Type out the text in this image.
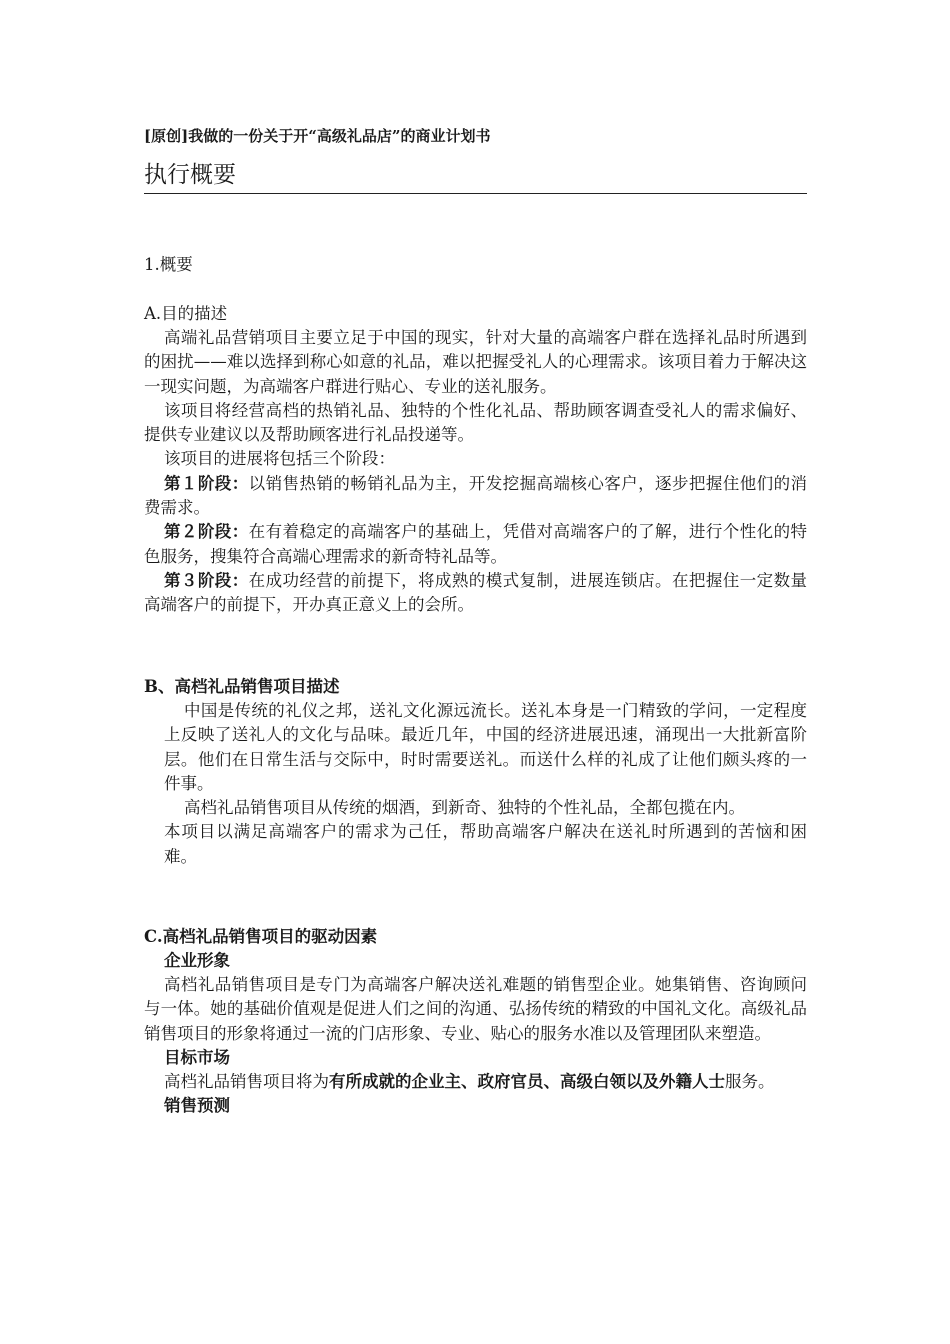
[原创]我做的一份关于开“高级礼品店”的商业计划书
执行概要
1.概要
A.目的描述

高端礼品营销项目主要立足于中国的现实，针对大量的高端客户群在选择礼品时所遇到的困扰——难以选择到称心如意的礼品，难以把握受礼人的心理需求。该项目着力于解决这一现实问题，为高端客户群进行贴心、专业的送礼服务。

该项目将经营高档的热销礼品、独特的个性化礼品、帮助顾客调查受礼人的需求偏好、提供专业建议以及帮助顾客进行礼品投递等。

该项目的进展将包括三个阶段：

第１阶段：以销售热销的畅销礼品为主，开发挖掘高端核心客户，逐步把握住他们的消费需求。

第２阶段：在有着稳定的高端客户的基础上，凭借对高端客户的了解，进行个性化的特色服务，搜集符合高端心理需求的新奇特礼品等。

第３阶段：在成功经营的前提下，将成熟的模式复制，进展连锁店。在把握住一定数量高端客户的前提下，开办真正意义上的会所。

B、高档礼品销售项目描述

中国是传统的礼仪之邦，送礼文化源远流长。送礼本身是一门精致的学问，一定程度上反映了送礼人的文化与品味。最近几年，中国的经济进展迅速，涌现出一大批新富阶层。他们在日常生活与交际中，时时需要送礼。而送什么样的礼成了让他们颇头疼的一件事。

高档礼品销售项目从传统的烟酒，到新奇、独特的个性礼品，全都包揽在内。

本项目以满足高端客户的需求为己任，帮助高端客户解决在送礼时所遇到的苦恼和困难。

C.高档礼品销售项目的驱动因素
企业形象

高档礼品销售项目是专门为高端客户解决送礼难题的销售型企业。她集销售、咨询顾问与一体。她的基础价值观是促进人们之间的沟通、弘扬传统的精致的中国礼文化。高级礼品销售项目的形象将通过一流的门店形象、专业、贴心的服务水准以及管理团队来塑造。

目标市场

高档礼品销售项目将为有所成就的企业主、政府官员、高级白领以及外籍人士服务。

销售预测
